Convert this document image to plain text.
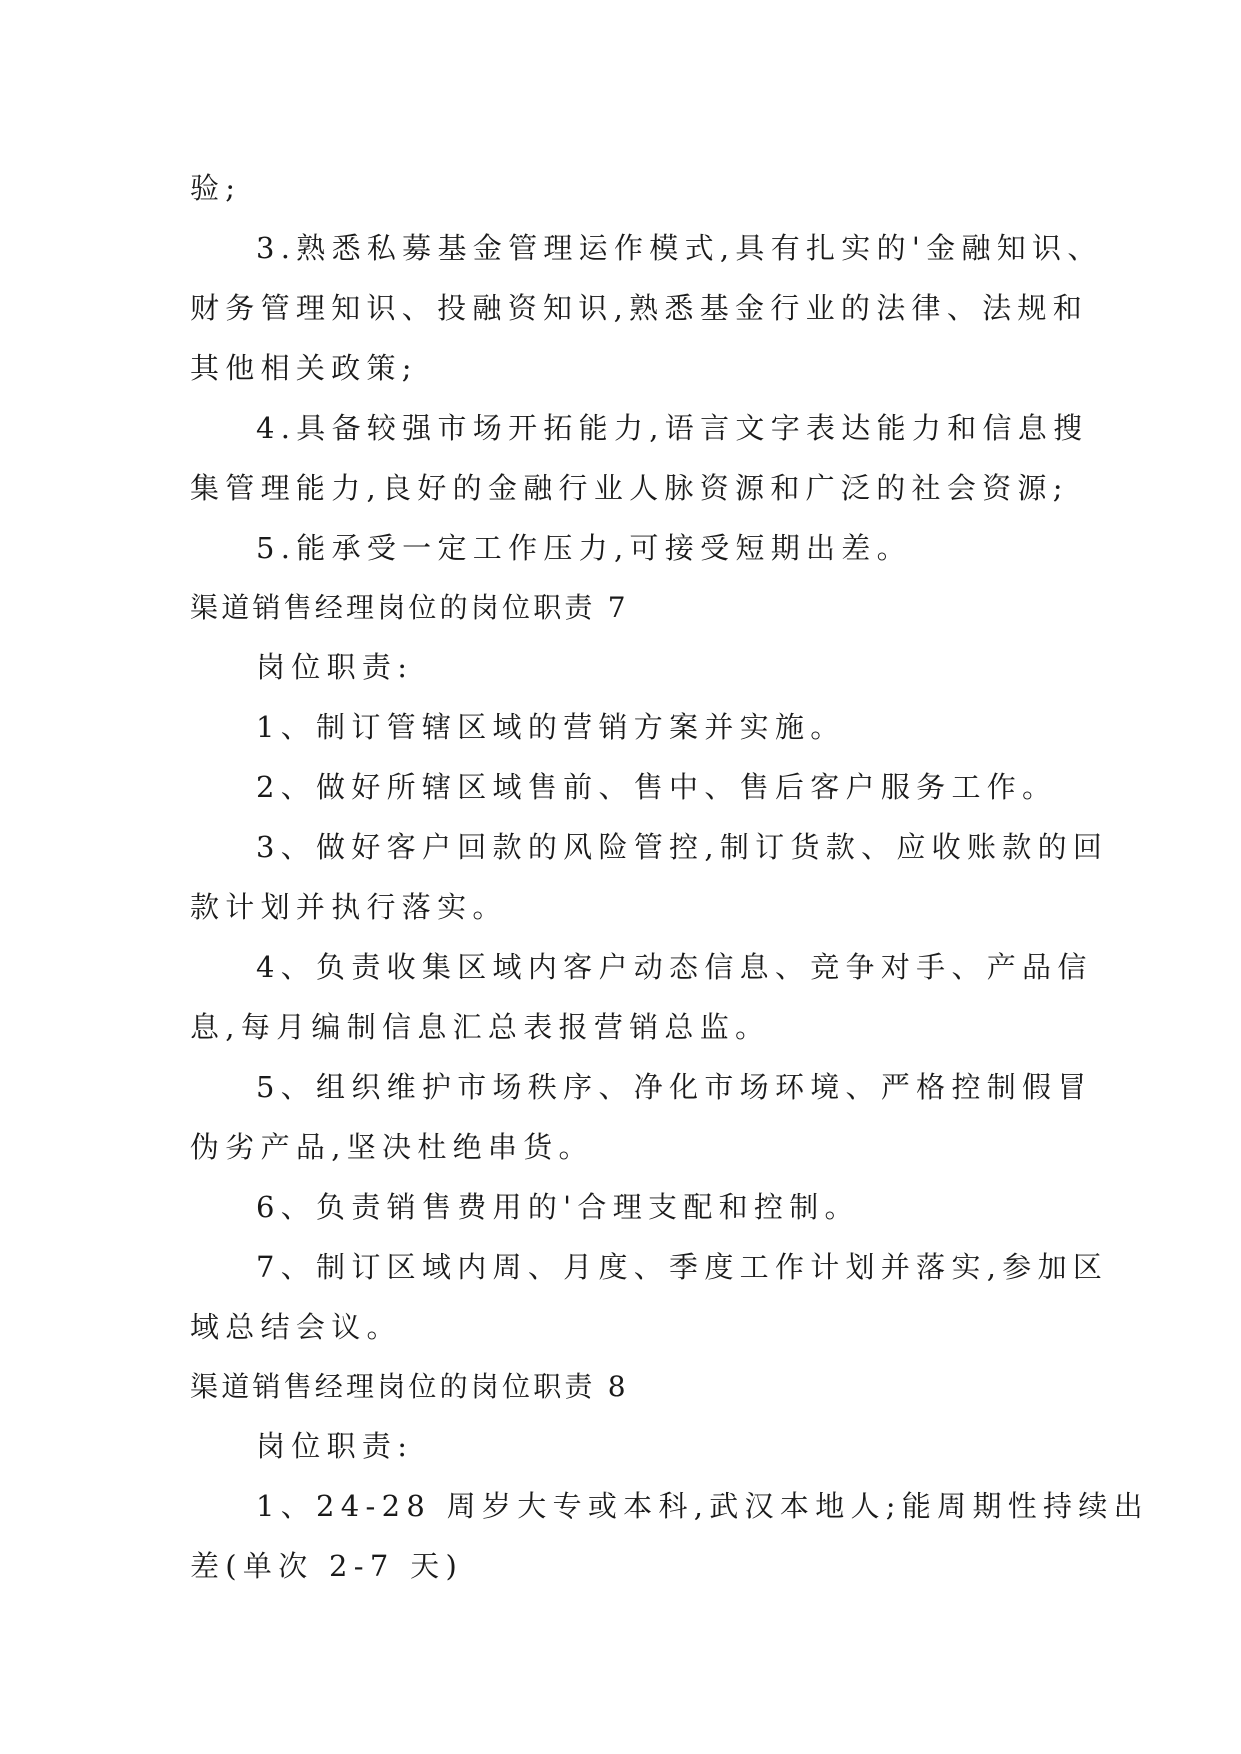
验;
3.熟悉私募基金管理运作模式,具有扎实的'金融知识、
财务管理知识、投融资知识,熟悉基金行业的法律、法规和
其他相关政策;
4.具备较强市场开拓能力,语言文字表达能力和信息搜
集管理能力,良好的金融行业人脉资源和广泛的社会资源;
5.能承受一定工作压力,可接受短期出差。
渠道销售经理岗位的岗位职责 7
岗位职责:
1、制订管辖区域的营销方案并实施。
2、做好所辖区域售前、售中、售后客户服务工作。
3、做好客户回款的风险管控,制订货款、应收账款的回
款计划并执行落实。
4、负责收集区域内客户动态信息、竞争对手、产品信
息,每月编制信息汇总表报营销总监。
5、组织维护市场秩序、净化市场环境、严格控制假冒
伪劣产品,坚决杜绝串货。
6、负责销售费用的'合理支配和控制。
7、制订区域内周、月度、季度工作计划并落实,参加区
域总结会议。
渠道销售经理岗位的岗位职责 8
岗位职责:
1、24-28 周岁大专或本科,武汉本地人;能周期性持续出
差(单次 2-7 天)
